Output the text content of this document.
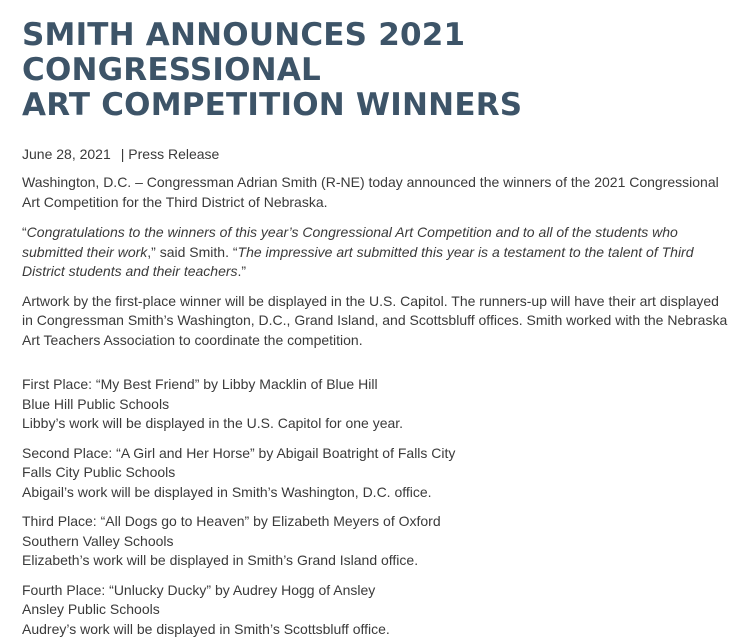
SMITH ANNOUNCES 2021 CONGRESSIONAL
ART COMPETITION WINNERS
June 28, 2021 | Press Release

Washington, D.C. – Congressman Adrian Smith (R-NE) today announced the winners of the 2021 Congressional Art Competition for the Third District of Nebraska.

“Congratulations to the winners of this year’s Congressional Art Competition and to all of the students who submitted their work,” said Smith. “The impressive art submitted this year is a testament to the talent of Third District students and their teachers.”

Artwork by the first-place winner will be displayed in the U.S. Capitol. The runners-up will have their art displayed in Congressman Smith’s Washington, D.C., Grand Island, and Scottsbluff offices. Smith worked with the Nebraska Art Teachers Association to coordinate the competition.

First Place: “My Best Friend” by Libby Macklin of Blue Hill
Blue Hill Public Schools
Libby’s work will be displayed in the U.S. Capitol for one year.
Second Place: “A Girl and Her Horse” by Abigail Boatright of Falls City
Falls City Public Schools
Abigail’s work will be displayed in Smith’s Washington, D.C. office.
Third Place: “All Dogs go to Heaven” by Elizabeth Meyers of Oxford
Southern Valley Schools
Elizabeth’s work will be displayed in Smith’s Grand Island office.
Fourth Place: “Unlucky Ducky” by Audrey Hogg of Ansley
Ansley Public Schools
Audrey’s work will be displayed in Smith’s Scottsbluff office.
